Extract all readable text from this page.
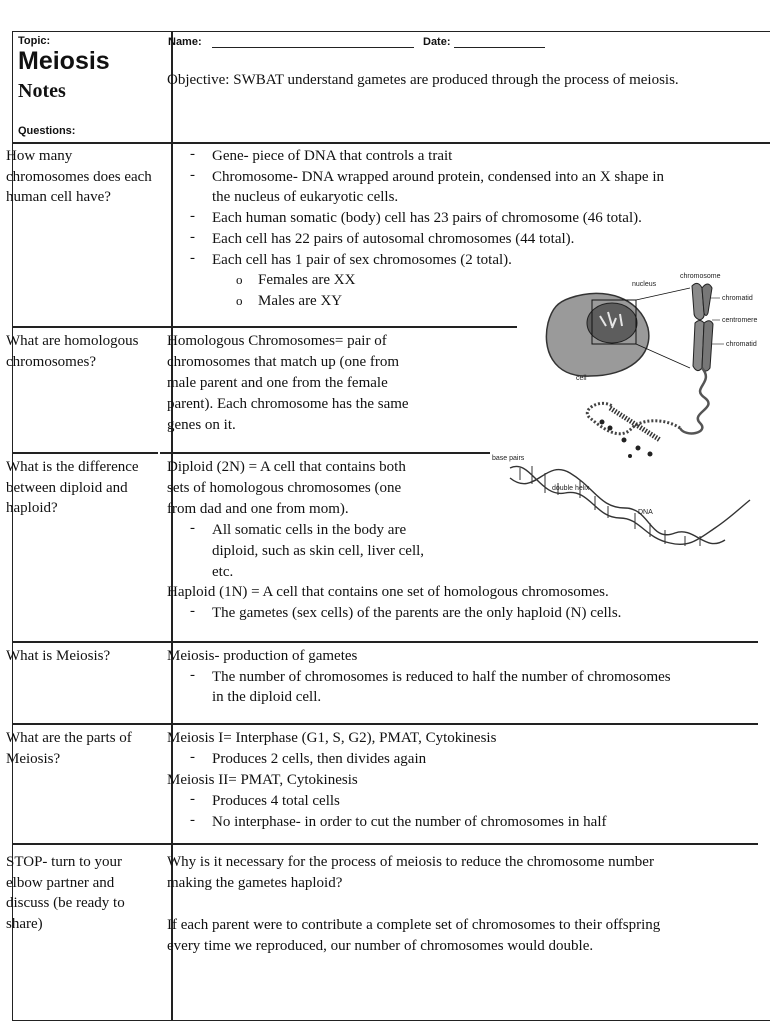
Topic:
Meiosis
Notes
Questions:
Name:	Date:
Objective: SWBAT understand gametes are produced through the process of meiosis.
How many chromosomes does each human cell have?
- Gene- piece of DNA that controls a trait
- Chromosome- DNA wrapped around protein, condensed into an X shape in
the nucleus of eukaryotic cells.
- Each human somatic (body) cell has 23 pairs of chromosome (46 total).
- Each cell has 22 pairs of autosomal chromosomes (44 total).
- Each cell has 1 pair of sex chromosomes (2 total).
o Females are XX
o Males are XY
What are homologous chromosomes?
Homologous Chromosomes= pair of
chromosomes that match up (one from
male parent and one from the female
parent). Each chromosome has the same
genes on it.
What is the difference between diploid and haploid?
Diploid (2N) = A cell that contains both
sets of homologous chromosomes (one
from dad and one from mom).
- All somatic cells in the body are
diploid, such as skin cell, liver cell,
etc.
Haploid (1N) = A cell that contains one set of homologous chromosomes.
- The gametes (sex cells) of the parents are the only haploid (N) cells.
What is Meiosis?	Meiosis- production of gametes
- The number of chromosomes is reduced to half the number of chromosomes
in the diploid cell.
What are the parts of Meiosis?
Meiosis I= Interphase (G1, S, G2), PMAT, Cytokinesis
- Produces 2 cells, then divides again
Meiosis II= PMAT, Cytokinesis
- Produces 4 total cells
- No interphase- in order to cut the number of chromosomes in half
STOP- turn to your elbow partner and discuss (be ready to share)
Why is it necessary for the process of meiosis to reduce the chromosome number
making the gametes haploid?
If each parent were to contribute a complete set of chromosomes to their offspring
every time we reproduced, our number of chromosomes would double.
nucleus
chromosome
chromatid
centromere
chromatid
cell
base pairs
double helix
DNA
